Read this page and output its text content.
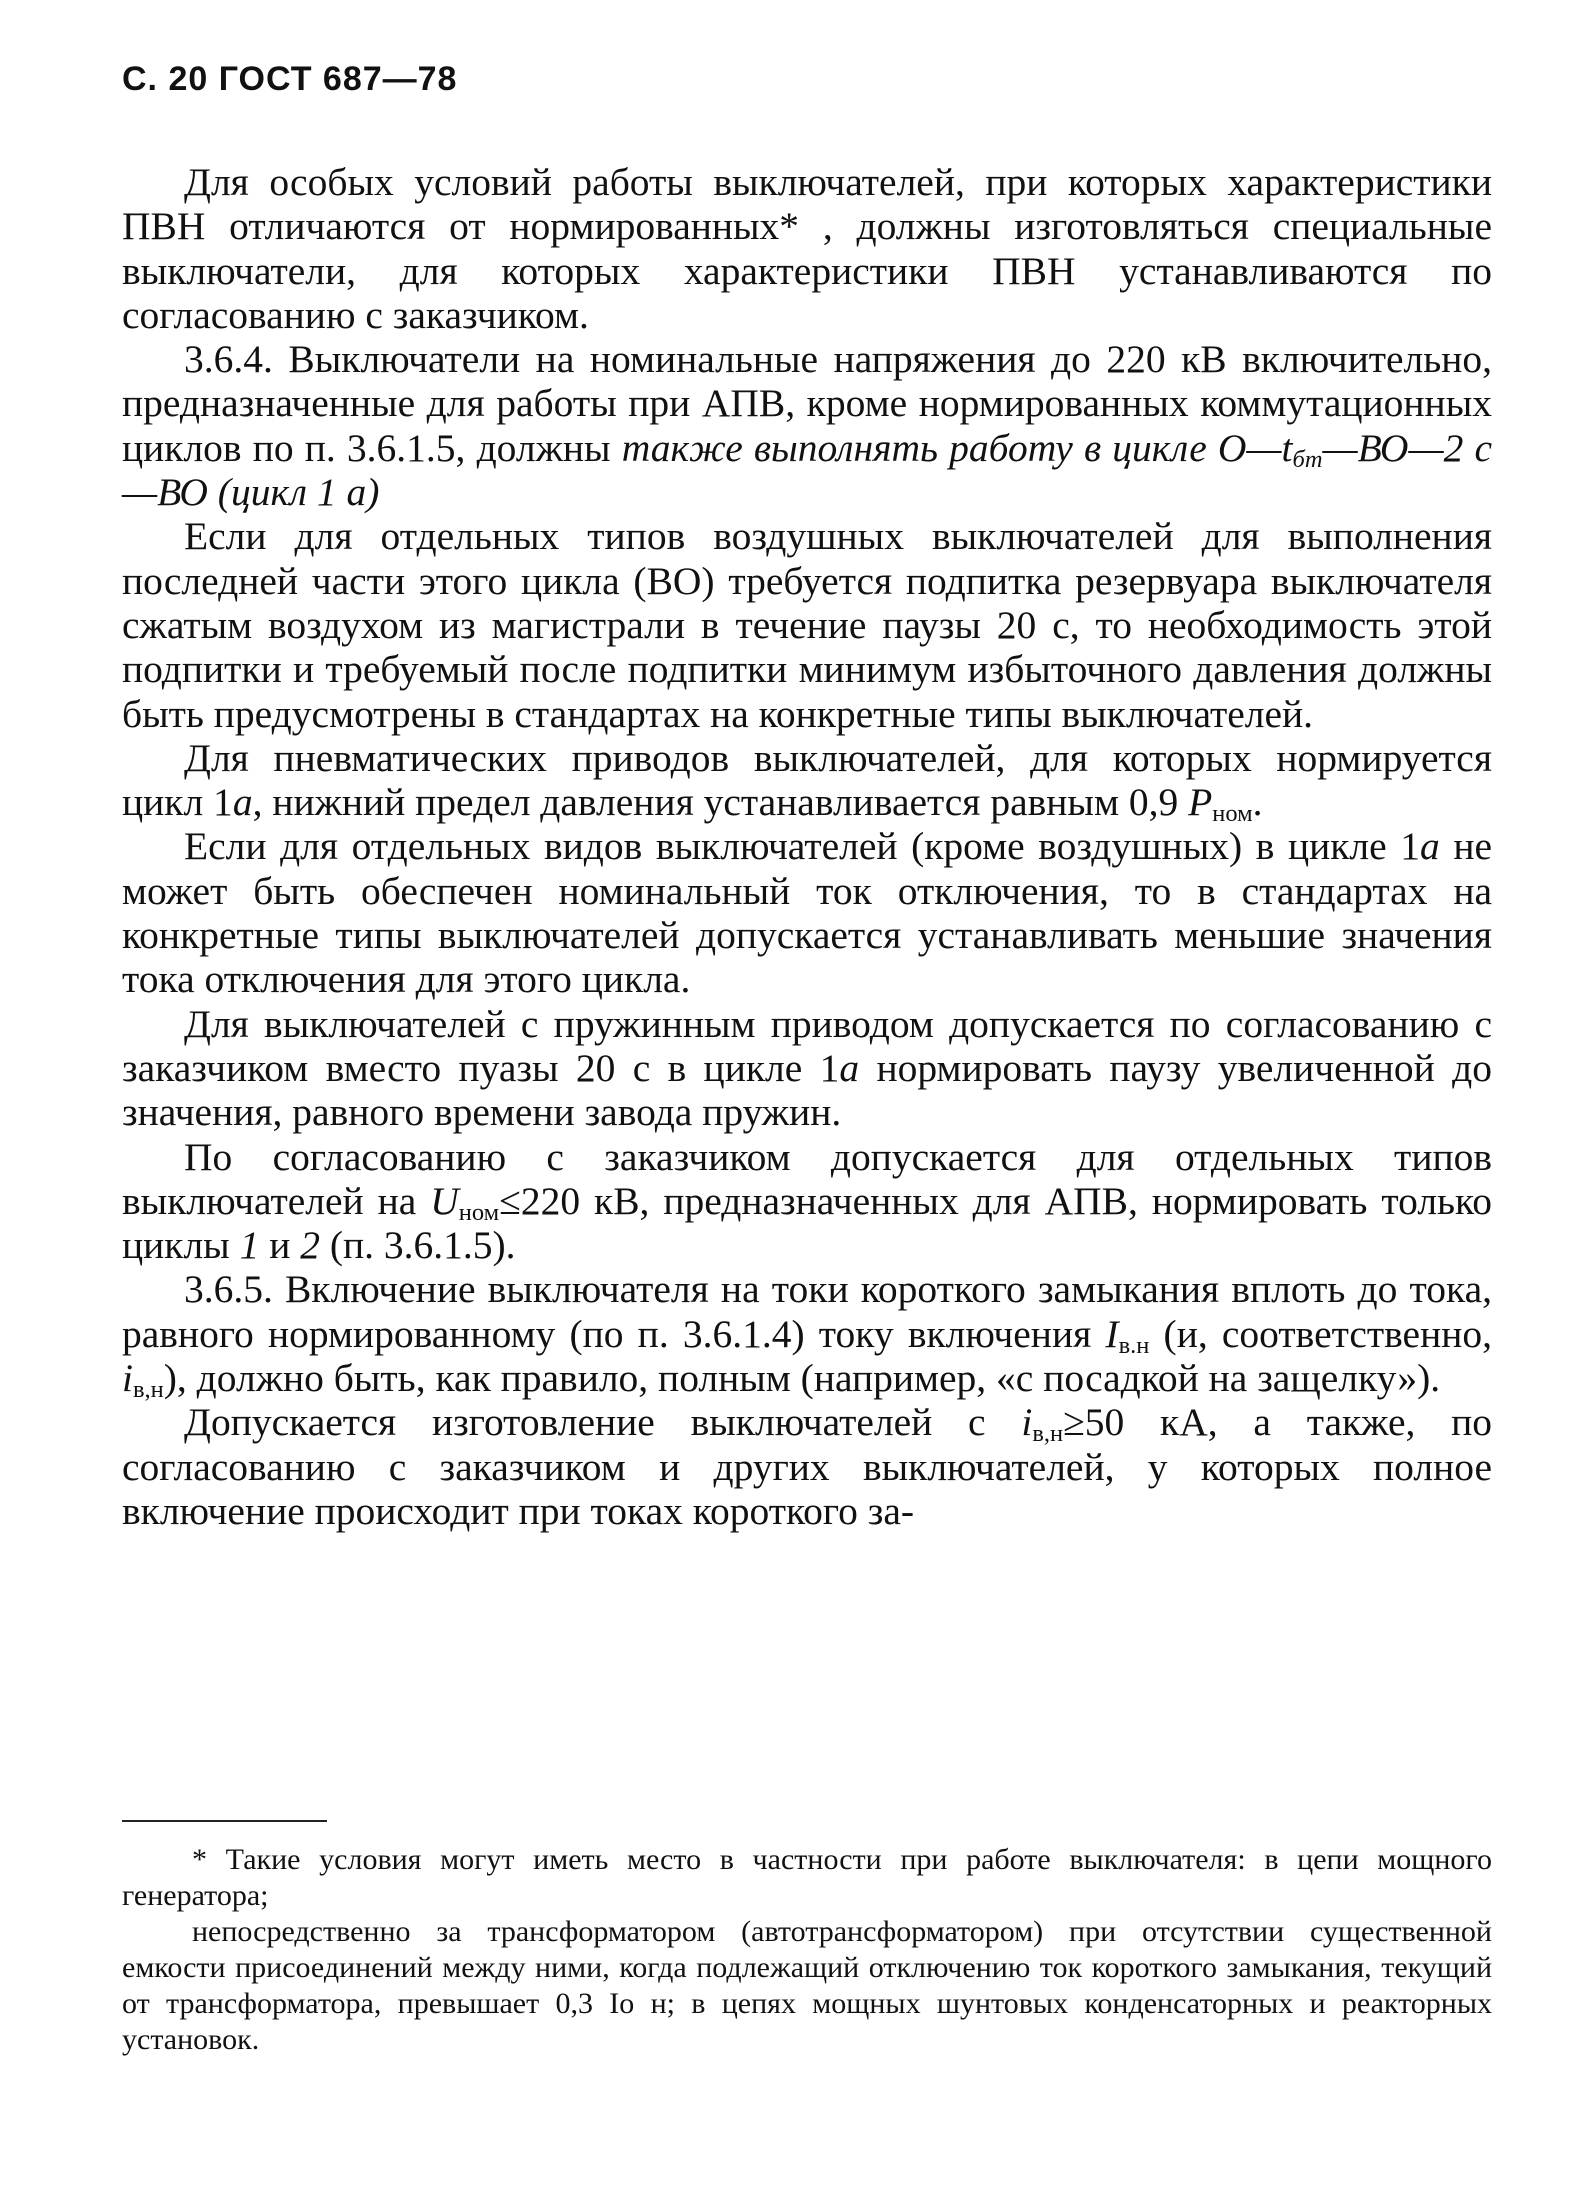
С. 20 ГОСТ 687—78

Для особых условий работы выключателей, при которых характеристики ПВН отличаются от нормированных* , должны изготовляться специальные выключатели, для которых характеристики ПВН устанавливаются по согласованию с заказчиком.

3.6.4. Выключатели на номинальные напряжения до 220 кВ включительно, предназначенные для работы при АПВ, кроме нормированных коммутационных циклов по п. 3.6.1.5, должны также выполнять работу в цикле $O—t_{бт}—ВО—2$ с—ВО (цикл 1 a)

Если для отдельных типов воздушных выключателей для выполнения последней части этого цикла (ВО) требуется подпитка резервуара выключателя сжатым воздухом из магистрали в течение паузы 20 с, то необходимость этой подпитки и требуемый после подпитки минимум избыточного давления должны быть предусмотрены в стандартах на конкретные типы выключателей.

Для пневматических приводов выключателей, для которых нормируется цикл 1а, нижний предел давления устанавливается равным 0,9 $Р_{ном}$.

Если для отдельных видов выключателей (кроме воздушных) в цикле 1а не может быть обеспечен номинальный ток отключения, то в стандартах на конкретные типы выключателей допускается устанавливать меньшие значения тока отключения для этого цикла.

Для выключателей с пружинным приводом допускается по согласованию с заказчиком вместо пуазы 20 с в цикле 1а нормировать паузу увеличенной до значения, равного времени завода пружин.

По согласованию с заказчиком допускается для отдельных типов выключателей на $U_{ном}\le 220$ кВ, предназначенных для АПВ, нормировать только циклы 1 и 2 (п. 3.6.1.5).

3.6.5. Включение выключателя на токи короткого замыкания вплоть до тока, равного нормированному (по п. 3.6.1.4) току включения $I_{в.н}$ (и, соответственно, $i_{в,н}$), должно быть, как правило, полным (например, «с посадкой на защелку»).

Допускается изготовление выключателей с $i_{в,н}\ge 50$ кА, а также, по согласованию с заказчиком и других выключателей, у которых полное включение происходит при токах короткого за-

* Такие условия могут иметь место в частности при работе выключателя: в цепи мощного генератора;

непосредственно за трансформатором (автотрансформатором) при отсутствии существенной емкости присоединений между ними, когда подлежащий отключению ток короткого замыкания, текущий от трансформатора, превышает 0,3 Iо н; в цепях мощных шунтовых конденсаторных и реакторных установок.
